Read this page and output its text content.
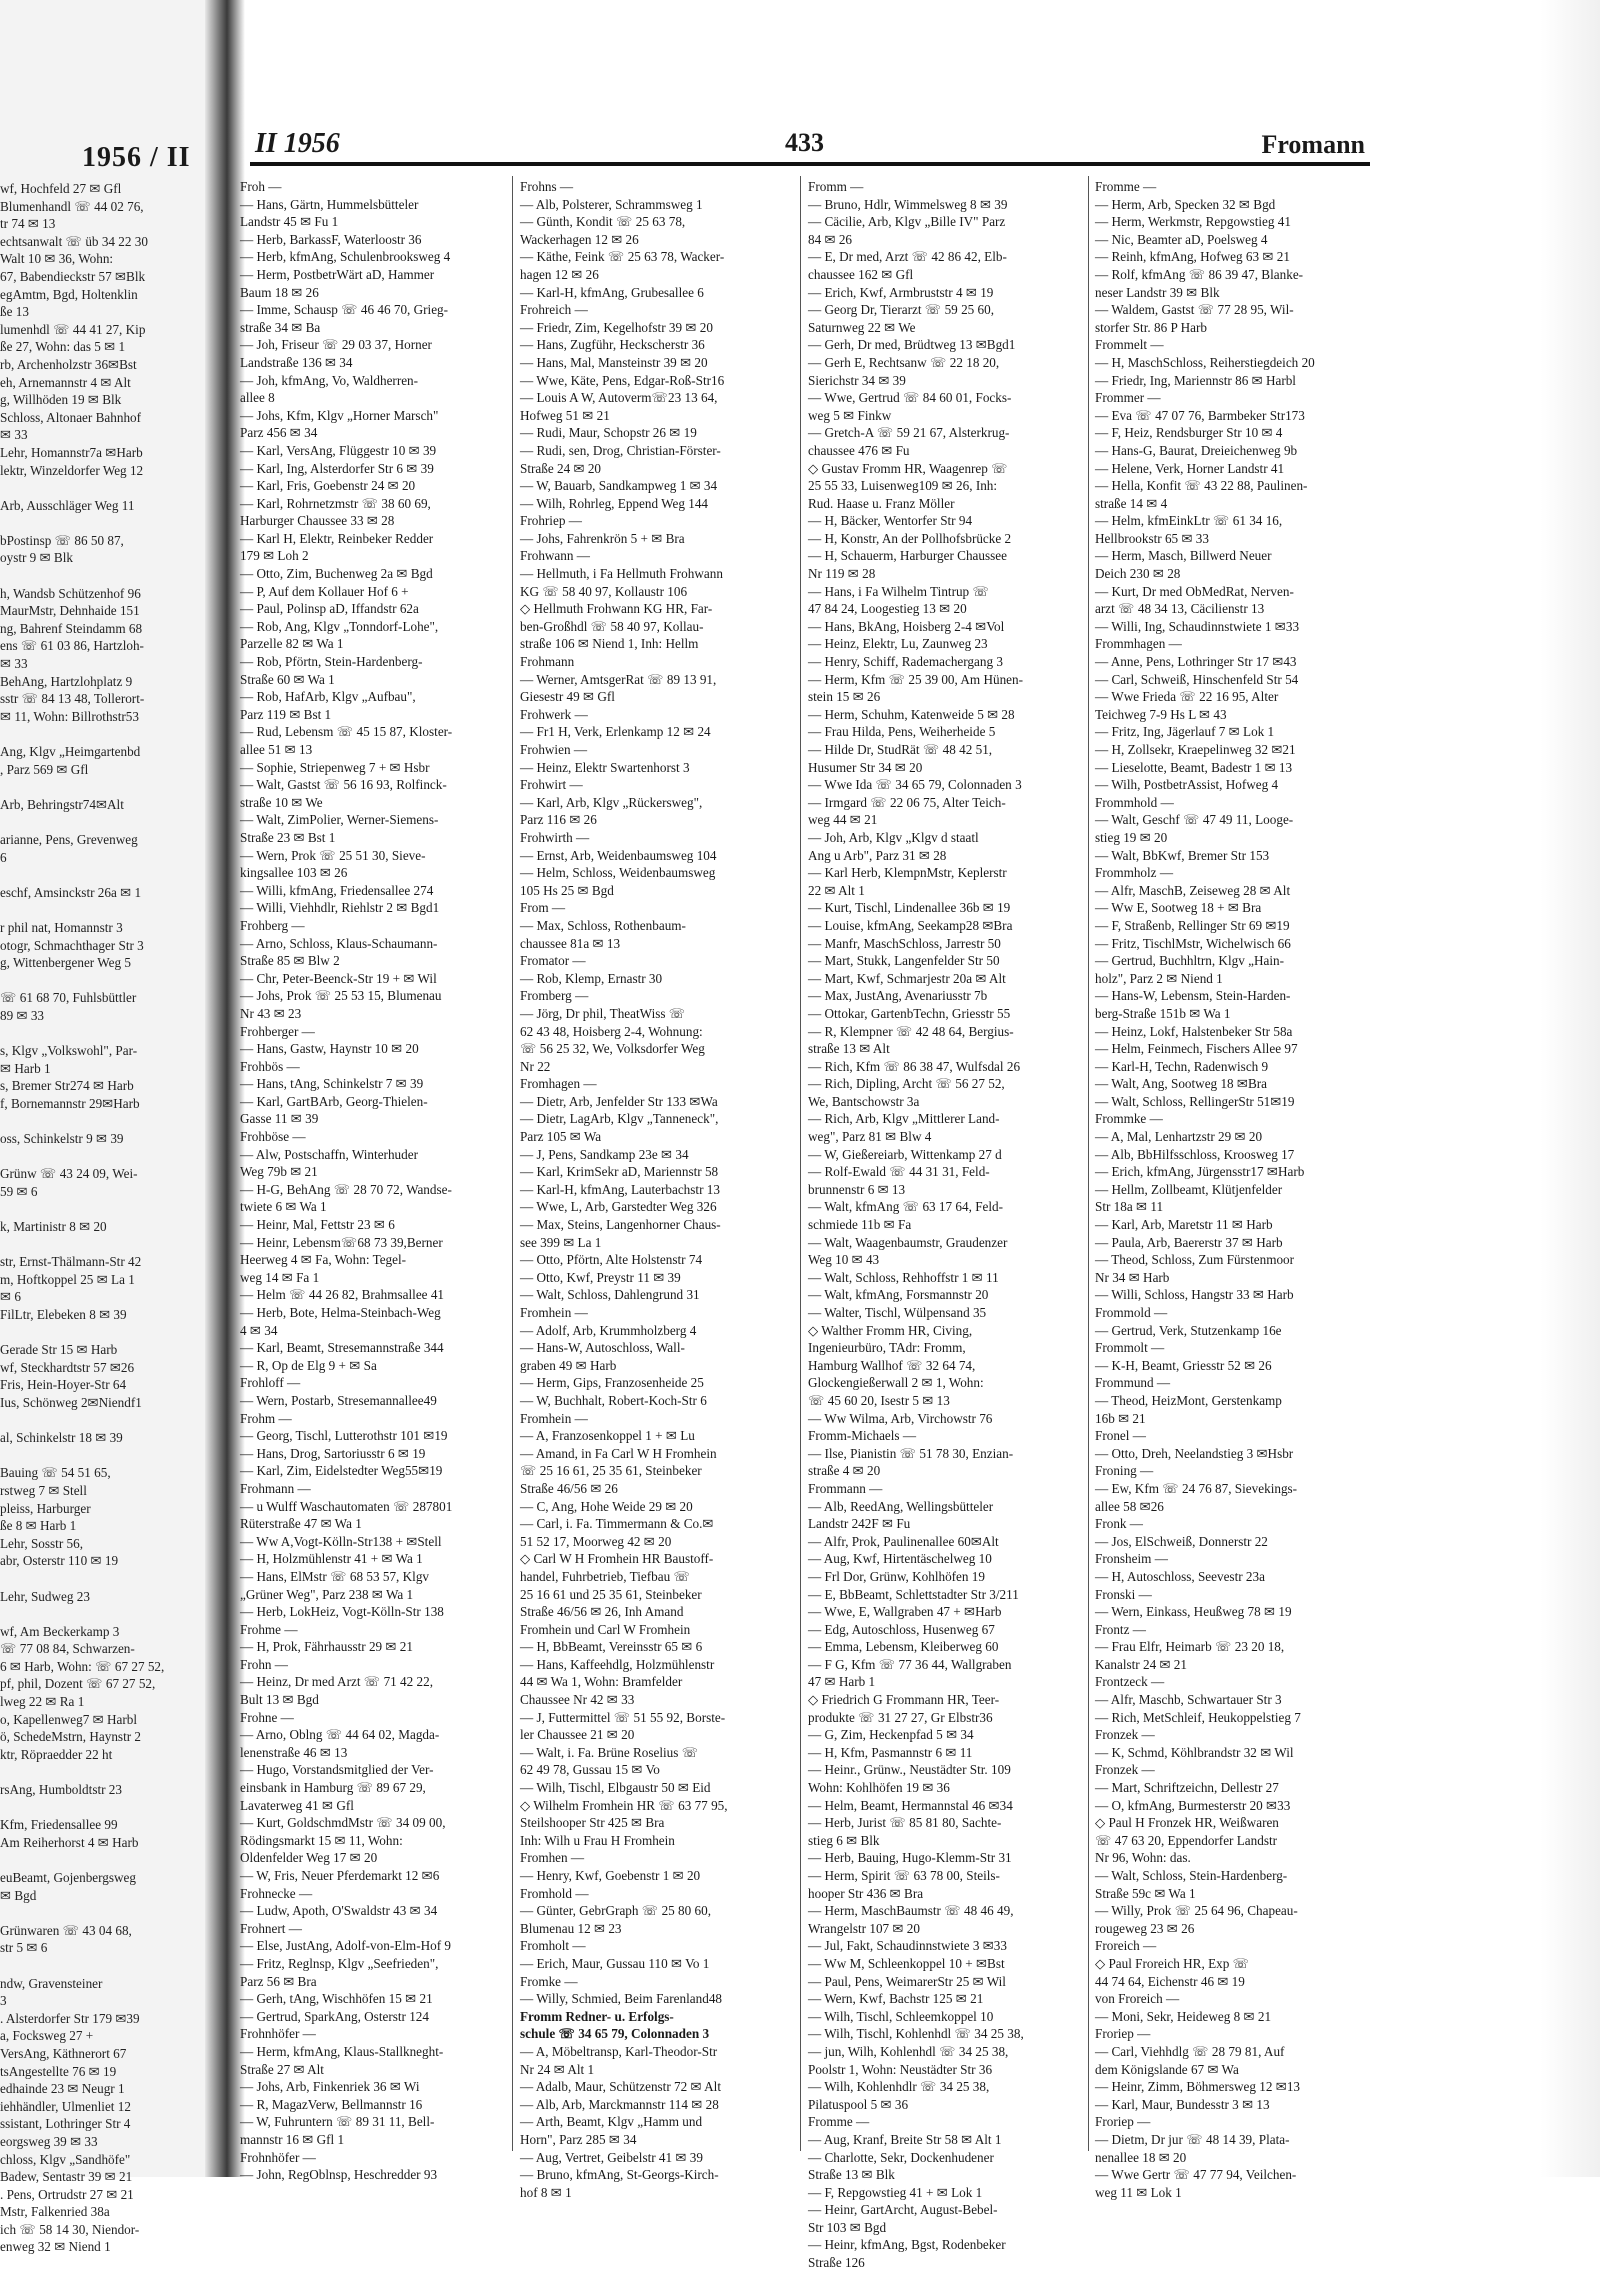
1956 / II
wf, Hochfeld 27 ✉ Gfl
Blumenhandl ☏ 44 02 76,
tr 74 ✉ 13
echtsanwalt ☏ üb 34 22 30
Walt 10 ✉ 36, Wohn:
67, Babendieckstr 57 ✉Blk
egAmtm, Bgd, Holtenklin
ße 13
lumenhdl ☏ 44 41 27, Kip
ße 27, Wohn: das 5 ✉ 1
rb, Archenholzstr 36✉Bst
eh, Arnemannstr 4 ✉ Alt
g, Willhöden 19 ✉ Blk
Schloss, Altonaer Bahnhof
✉ 33
Lehr, Homannstr7a ✉Harb
lektr, Winzeldorfer Weg 12

Arb, Ausschläger Weg 11

bPostinsp ☏ 86 50 87,
oystr 9 ✉ Blk

h, Wandsb Schützenhof 96
MaurMstr, Dehnhaide 151
ng, Bahrenf Steindamm 68
ens ☏ 61 03 86, Hartzloh-
✉ 33
BehAng, Hartzlohplatz 9
sstr ☏ 84 13 48, Tollerort-
✉ 11, Wohn: Billrothstr53

Ang, Klgv „Heimgartenbd
, Parz 569 ✉ Gfl

Arb, Behringstr74✉Alt

arianne, Pens, Grevenweg
6

eschf, Amsinckstr 26a ✉ 1

r phil nat, Homannstr 3
otogr, Schmachthager Str 3
g, Wittenbergener Weg 5

☏ 61 68 70, Fuhlsbüttler
89 ✉ 33

s, Klgv „Volkswohl", Par-
✉ Harb 1
s, Bremer Str274 ✉ Harb
f, Bornemannstr 29✉Harb

oss, Schinkelstr 9 ✉ 39

Grünw ☏ 43 24 09, Wei-
59 ✉ 6

k, Martinistr 8 ✉ 20

str, Ernst-Thälmann-Str 42
m, Hoftkoppel 25 ✉ La 1
✉ 6
FilLtr, Elebeken 8 ✉ 39

Gerade Str 15 ✉ Harb
wf, Steckhardtstr 57 ✉26
Fris, Hein-Hoyer-Str 64
Ius, Schönweg 2✉Niendf1

al, Schinkelstr 18 ✉ 39

Bauing ☏ 54 51 65,
rstweg 7 ✉ Stell
pleiss, Harburger
ße 8 ✉ Harb 1
Lehr, Sosstr 56,
abr, Osterstr 110 ✉ 19

Lehr, Sudweg 23

wf, Am Beckerkamp 3
☏ 77 08 84, Schwarzen-
6 ✉ Harb, Wohn: ☏ 67 27 52,
pf, phil, Dozent ☏ 67 27 52,
lweg 22 ✉ Ra 1
o, Kapellenweg7 ✉ Harbl
ö, SchedeMstrn, Haynstr 2
ktr, Röpraedder 22 ht

rsAng, Humboldtstr 23

Kfm, Friedensallee 99
Am Reiherhorst 4 ✉ Harb

euBeamt, Gojenbergsweg
✉ Bgd

Grünwaren ☏ 43 04 68,
str 5 ✉ 6

ndw, Gravensteiner
3
. Alsterdorfer Str 179 ✉39
a, Focksweg 27 +
VersAng, Käthnerort 67
tsAngestellte 76 ✉ 19
edhainde 23 ✉ Neugr 1
iehhändler, Ulmenliet 12
ssistant, Lothringer Str 4
eorgsweg 39 ✉ 33
chloss, Klgv „Sandhöfe"
Badew, Sentastr 39 ✉ 21
. Pens, Ortrudstr 27 ✉ 21
Mstr, Falkenried 38a
ich ☏ 58 14 30, Niendor-
enweg 32 ✉ Niend 1
II 1956	433	Fromann
Froh —
— Hans, Gärtn, Hummelsbütteler
Landstr 45 ✉ Fu 1
— Herb, BarkassF, Waterloostr 36
— Herb, kfmAng, Schulenbrooksweg 4
— Herm, PostbetrWärt aD, Hammer
Baum 18 ✉ 26
— Imme, Schausp ☏ 46 46 70, Grieg-
straße 34 ✉ Ba
— Joh, Friseur ☏ 29 03 37, Horner
Landstraße 136 ✉ 34
— Joh, kfmAng, Vo, Waldherren-
allee 8
— Johs, Kfm, Klgv „Horner Marsch"
Parz 456 ✉ 34
— Karl, VersAng, Flüggestr 10 ✉ 39
— Karl, Ing, Alsterdorfer Str 6 ✉ 39
— Karl, Fris, Goebenstr 24 ✉ 20
— Karl, Rohrnetzmstr ☏ 38 60 69,
Harburger Chaussee 33 ✉ 28
— Karl H, Elektr, Reinbeker Redder
179 ✉ Loh 2
— Otto, Zim, Buchenweg 2a ✉ Bgd
— P, Auf dem Kollauer Hof 6 +
— Paul, Polinsp aD, Iffandstr 62a
— Rob, Ang, Klgv „Tonndorf-Lohe",
Parzelle 82 ✉ Wa 1
— Rob, Pförtn, Stein-Hardenberg-
Straße 60 ✉ Wa 1
— Rob, HafArb, Klgv „Aufbau",
Parz 119 ✉ Bst 1
— Rud, Lebensm ☏ 45 15 87, Kloster-
allee 51 ✉ 13
— Sophie, Striepenweg 7 + ✉ Hsbr
— Walt, Gastst ☏ 56 16 93, Rolfinck-
straße 10 ✉ We
— Walt, ZimPolier, Werner-Siemens-
Straße 23 ✉ Bst 1
— Wern, Prok ☏ 25 51 30, Sieve-
kingsallee 103 ✉ 26
— Willi, kfmAng, Friedensallee 274
— Willi, Viehhdlr, Riehlstr 2 ✉ Bgd1
Frohberg —
— Arno, Schloss, Klaus-Schaumann-
Straße 85 ✉ Blw 2
— Chr, Peter-Beenck-Str 19 + ✉ Wil
— Johs, Prok ☏ 25 53 15, Blumenau
Nr 43 ✉ 23
Frohberger —
— Hans, Gastw, Haynstr 10 ✉ 20
Frohbös —
— Hans, tAng, Schinkelstr 7 ✉ 39
— Karl, GartBArb, Georg-Thielen-
Gasse 11 ✉ 39
Frohböse —
— Alw, Postschaffn, Winterhuder
Weg 79b ✉ 21
— H-G, BehAng ☏ 28 70 72, Wandse-
twiete 6 ✉ Wa 1
— Heinr, Mal, Fettstr 23 ✉ 6
— Heinr, Lebensm☏68 73 39,Berner
Heerweg 4 ✉ Fa, Wohn: Tegel-
weg 14 ✉ Fa 1
— Helm ☏ 44 26 82, Brahmsallee 41
— Herb, Bote, Helma-Steinbach-Weg
4 ✉ 34
— Karl, Beamt, Stresemannstraße 344
— R, Op de Elg 9 + ✉ Sa
Frohloff —
— Wern, Postarb, Stresemannallee49
Frohm —
— Georg, Tischl, Lutterothstr 101 ✉19
— Hans, Drog, Sartoriusstr 6 ✉ 19
— Karl, Zim, Eidelstedter Weg55✉19
Frohmann —
— u Wulff Waschautomaten ☏ 287801
Rüterstraße 47 ✉ Wa 1
— Ww A,Vogt-Kölln-Str138 + ✉Stell
— H, Holzmühlenstr 41 + ✉ Wa 1
— Hans, ElMstr ☏ 68 53 57, Klgv
„Grüner Weg", Parz 238 ✉ Wa 1
— Herb, LokHeiz, Vogt-Kölln-Str 138
Frohme —
— H, Prok, Fährhausstr 29 ✉ 21
Frohn —
— Heinz, Dr med Arzt ☏ 71 42 22,
Bult 13 ✉ Bgd
Frohne —
— Arno, Oblng ☏ 44 64 02, Magda-
lenenstraße 46 ✉ 13
— Hugo, Vorstandsmitglied der Ver-
einsbank in Hamburg ☏ 89 67 29,
Lavaterweg 41 ✉ Gfl
— Kurt, GoldschmdMstr ☏ 34 09 00,
Rödingsmarkt 15 ✉ 11, Wohn:
Oldenfelder Weg 17 ✉ 20
— W, Fris, Neuer Pferdemarkt 12 ✉6
Frohnecke —
— Ludw, Apoth, O'Swaldstr 43 ✉ 34
Frohnert —
— Else, JustAng, Adolf-von-Elm-Hof 9
— Fritz, Reglnsp, Klgv „Seefrieden",
Parz 56 ✉ Bra
— Gerh, tAng, Wischhöfen 15 ✉ 21
— Gertrud, SparkAng, Osterstr 124
Frohnhöfer —
— Herm, kfmAng, Klaus-Stallkneght-
Straße 27 ✉ Alt
— Johs, Arb, Finkenriek 36 ✉ Wi
— R, MagazVerw, Bellmannstr 16
— W, Fuhruntern ☏ 89 31 11, Bell-
mannstr 16 ✉ Gfl 1
Frohnhöfer —
— John, RegOblnsp, Heschredder 93
Frohns —
— Alb, Polsterer, Schrammsweg 1
— Günth, Kondit ☏ 25 63 78,
Wackerhagen 12 ✉ 26
— Käthe, Feink ☏ 25 63 78, Wacker-
hagen 12 ✉ 26
— Karl-H, kfmAng, Grubesallee 6
Frohreich —
— Friedr, Zim, Kegelhofstr 39 ✉ 20
— Hans, Zugführ, Heckscherstr 36
— Hans, Mal, Mansteinstr 39 ✉ 20
— Wwe, Käte, Pens, Edgar-Roß-Str16
— Louis A W, Autoverm☏23 13 64,
Hofweg 51 ✉ 21
— Rudi, Maur, Schopstr 26 ✉ 19
— Rudi, sen, Drog, Christian-Förster-
Straße 24 ✉ 20
— W, Bauarb, Sandkampweg 1 ✉ 34
— Wilh, Rohrleg, Eppend Weg 144
Frohriep —
— Johs, Fahrenkrön 5 + ✉ Bra
Frohwann —
— Hellmuth, i Fa Hellmuth Frohwann
KG ☏ 58 40 97, Kollaustr 106
◇ Hellmuth Frohwann KG HR, Far-
ben-Großhdl ☏ 58 40 97, Kollau-
straße 106 ✉ Niend 1, Inh: Hellm
Frohmann
— Werner, AmtsgerRat ☏ 89 13 91,
Giesestr 49 ✉ Gfl
Frohwerk —
— Fr1 H, Verk, Erlenkamp 12 ✉ 24
Frohwien —
— Heinz, Elektr Swartenhorst 3
Frohwirt —
— Karl, Arb, Klgv „Rückersweg",
Parz 116 ✉ 26
Frohwirth —
— Ernst, Arb, Weidenbaumsweg 104
— Helm, Schloss, Weidenbaumsweg
105 Hs 25 ✉ Bgd
From —
— Max, Schloss, Rothenbaum-
chaussee 81a ✉ 13
Fromator —
— Rob, Klemp, Ernastr 30
Fromberg —
— Jörg, Dr phil, TheatWiss ☏
62 43 48, Hoisberg 2-4, Wohnung:
☏ 56 25 32, We, Volksdorfer Weg
Nr 22
Fromhagen —
— Dietr, Arb, Jenfelder Str 133 ✉Wa
— Dietr, LagArb, Klgv „Tanneneck",
Parz 105 ✉ Wa
— J, Pens, Sandkamp 23e ✉ 34
— Karl, KrimSekr aD, Mariennstr 58
— Karl-H, kfmAng, Lauterbachstr 13
— Wwe, L, Arb, Garstedter Weg 326
— Max, Steins, Langenhorner Chaus-
see 399 ✉ La 1
— Otto, Pförtn, Alte Holstenstr 74
— Otto, Kwf, Preystr 11 ✉ 39
— Walt, Schloss, Dahlengrund 31
Fromhein —
— Adolf, Arb, Krummholzberg 4
— Hans-W, Autoschloss, Wall-
graben 49 ✉ Harb
— Herm, Gips, Franzosenheide 25
— W, Buchhalt, Robert-Koch-Str 6
Fromhein —
— A, Franzosenkoppel 1 + ✉ Lu
— Amand, in Fa Carl W H Fromhein
☏ 25 16 61, 25 35 61, Steinbeker
Straße 46/56 ✉ 26
— C, Ang, Hohe Weide 29 ✉ 20
— Carl, i. Fa. Timmermann & Co.✉
51 52 17, Moorweg 42 ✉ 20
◇ Carl W H Fromhein HR Baustoff-
handel, Fuhrbetrieb, Tiefbau ☏
25 16 61 und 25 35 61, Steinbeker
Straße 46/56 ✉ 26, Inh Amand
Fromhein und Carl W Fromhein
— H, BbBeamt, Vereinsstr 65 ✉ 6
— Hans, Kaffeehdlg, Holzmühlenstr
44 ✉ Wa 1, Wohn: Bramfelder
Chaussee Nr 42 ✉ 33
— J, Futtermittel ☏ 51 55 92, Borste-
ler Chaussee 21 ✉ 20
— Walt, i. Fa. Brüne Roselius ☏
62 49 78, Gussau 15 ✉ Vo
— Wilh, Tischl, Elbgaustr 50 ✉ Eid
◇ Wilhelm Fromhein HR ☏ 63 77 95,
Steilshooper Str 425 ✉ Bra
Inh: Wilh u Frau H Fromhein
Fromhen —
— Henry, Kwf, Goebenstr 1 ✉ 20
Fromhold —
— Günter, GebrGraph ☏ 25 80 60,
Blumenau 12 ✉ 23
Fromholt —
— Erich, Maur, Gussau 110 ✉ Vo 1
Fromke —
— Willy, Schmied, Beim Farenland48
Fromm Redner- u. Erfolgs-
schule ☏ 34 65 79, Colonnaden 3
— A, Möbeltransp, Karl-Theodor-Str
Nr 24 ✉ Alt 1
— Adalb, Maur, Schützenstr 72 ✉ Alt
— Alb, Arb, Marckmannstr 114 ✉ 28
— Arth, Beamt, Klgv „Hamm und
Horn", Parz 285 ✉ 34
— Aug, Vertret, Geibelstr 41 ✉ 39
— Bruno, kfmAng, St-Georgs-Kirch-
hof 8 ✉ 1
Fromm —
— Bruno, Hdlr, Wimmelsweg 8 ✉ 39
— Cäcilie, Arb, Klgv „Bille IV" Parz
84 ✉ 26
— E, Dr med, Arzt ☏ 42 86 42, Elb-
chaussee 162 ✉ Gfl
— Erich, Kwf, Armbruststr 4 ✉ 19
— Georg Dr, Tierarzt ☏ 59 25 60,
Saturnweg 22 ✉ We
— Gerh, Dr med, Brüdtweg 13 ✉Bgd1
— Gerh E, Rechtsanw ☏ 22 18 20,
Sierichstr 34 ✉ 39
— Wwe, Gertrud ☏ 84 60 01, Focks-
weg 5 ✉ Finkw
— Gretch-A ☏ 59 21 67, Alsterkrug-
chaussee 476 ✉ Fu
◇ Gustav Fromm HR, Waagenrep ☏
25 55 33, Luisenweg109 ✉ 26, Inh:
Rud. Haase u. Franz Möller
— H, Bäcker, Wentorfer Str 94
— H, Konstr, An der Pollhofsbrücke 2
— H, Schauerm, Harburger Chaussee
Nr 119 ✉ 28
— Hans, i Fa Wilhelm Tintrup ☏
47 84 24, Loogestieg 13 ✉ 20
— Hans, BkAng, Hoisberg 2-4 ✉Vol
— Heinz, Elektr, Lu, Zaunweg 23
— Henry, Schiff, Rademachergang 3
— Herm, Kfm ☏ 25 39 00, Am Hünen-
stein 15 ✉ 26
— Herm, Schuhm, Katenweide 5 ✉ 28
— Frau Hilda, Pens, Weiherheide 5
— Hilde Dr, StudRät ☏ 48 42 51,
Husumer Str 34 ✉ 20
— Wwe Ida ☏ 34 65 79, Colonnaden 3
— Irmgard ☏ 22 06 75, Alter Teich-
weg 44 ✉ 21
— Joh, Arb, Klgv „Klgv d staatl
Ang u Arb", Parz 31 ✉ 28
— Karl Herb, KlempnMstr, Keplerstr
22 ✉ Alt 1
— Kurt, Tischl, Lindenallee 36b ✉ 19
— Louise, kfmAng, Seekamp28 ✉Bra
— Manfr, MaschSchloss, Jarrestr 50
— Mart, Stukk, Langenfelder Str 50
— Mart, Kwf, Schmarjestr 20a ✉ Alt
— Max, JustAng, Avenariusstr 7b
— Ottokar, GartenbTechn, Griesstr 55
— R, Klempner ☏ 42 48 64, Bergius-
straße 13 ✉ Alt
— Rich, Kfm ☏ 86 38 47, Wulfsdal 26
— Rich, Dipling, Archt ☏ 56 27 52,
We, Bantschowstr 3a
— Rich, Arb, Klgv „Mittlerer Land-
weg", Parz 81 ✉ Blw 4
— W, Gießereiarb, Wittenkamp 27 d
— Rolf-Ewald ☏ 44 31 31, Feld-
brunnenstr 6 ✉ 13
— Walt, kfmAng ☏ 63 17 64, Feld-
schmiede 11b ✉ Fa
— Walt, Waagenbaumstr, Graudenzer
Weg 10 ✉ 43
— Walt, Schloss, Rehhoffstr 1 ✉ 11
— Walt, kfmAng, Forsmannstr 20
— Walter, Tischl, Wülpensand 35
◇ Walther Fromm HR, Civing,
Ingenieurbüro, TAdr: Fromm,
Hamburg Wallhof ☏ 32 64 74,
Glockengießerwall 2 ✉ 1, Wohn:
☏ 45 60 20, Isestr 5 ✉ 13
— Ww Wilma, Arb, Virchowstr 76
Fromm-Michaels —
— Ilse, Pianistin ☏ 51 78 30, Enzian-
straße 4 ✉ 20
Frommann —
— Alb, ReedAng, Wellingsbütteler
Landstr 242F ✉ Fu
— Alfr, Prok, Paulinenallee 60✉Alt
— Aug, Kwf, Hirtentäschelweg 10
— Frl Dor, Grünw, Kohlhöfen 19
— E, BbBeamt, Schlettstadter Str 3/211
— Wwe, E, Wallgraben 47 + ✉Harb
— Edg, Autoschloss, Husenweg 67
— Emma, Lebensm, Kleiberweg 60
— F G, Kfm ☏ 77 36 44, Wallgraben
47 ✉ Harb 1
◇ Friedrich G Frommann HR, Teer-
produkte ☏ 31 27 27, Gr Elbstr36
— G, Zim, Heckenpfad 5 ✉ 34
— H, Kfm, Pasmannstr 6 ✉ 11
— Heinr., Grünw., Neustädter Str. 109
Wohn: Kohlhöfen 19 ✉ 36
— Helm, Beamt, Hermannstal 46 ✉34
— Herb, Jurist ☏ 85 81 80, Sachte-
stieg 6 ✉ Blk
— Herb, Bauing, Hugo-Klemm-Str 31
— Herm, Spirit ☏ 63 78 00, Steils-
hooper Str 436 ✉ Bra
— Herm, MaschBaumstr ☏ 48 46 49,
Wrangelstr 107 ✉ 20
— Jul, Fakt, Schaudinnstwiete 3 ✉33
— Ww M, Schleenkoppel 10 + ✉Bst
— Paul, Pens, WeimarerStr 25 ✉ Wil
— Wern, Kwf, Bachstr 125 ✉ 21
— Wilh, Tischl, Schleemkoppel 10
— Wilh, Tischl, Kohlenhdl ☏ 34 25 38,
— jun, Wilh, Kohlenhdl ☏ 34 25 38,
Poolstr 1, Wohn: Neustädter Str 36
— Wilh, Kohlenhdlr ☏ 34 25 38,
Pilatuspool 5 ✉ 36
Fromme —
— Aug, Kranf, Breite Str 58 ✉ Alt 1
— Charlotte, Sekr, Dockenhudener
Straße 13 ✉ Blk
— F, Repgowstieg 41 + ✉ Lok 1
— Heinr, GartArcht, August-Bebel-
Str 103 ✉ Bgd
— Heinr, kfmAng, Bgst, Rodenbeker
Straße 126
Fromme —
— Herm, Arb, Specken 32 ✉ Bgd
— Herm, Werkmstr, Repgowstieg 41
— Nic, Beamter aD, Poelsweg 4
— Reinh, kfmAng, Hofweg 63 ✉ 21
— Rolf, kfmAng ☏ 86 39 47, Blanke-
neser Landstr 39 ✉ Blk
— Waldem, Gastst ☏ 77 28 95, Wil-
storfer Str. 86 P Harb
Frommelt —
— H, MaschSchloss, Reiherstiegdeich 20
— Friedr, Ing, Mariennstr 86 ✉ Harbl
Frommer —
— Eva ☏ 47 07 76, Barmbeker Str173
— F, Heiz, Rendsburger Str 10 ✉ 4
— Hans-G, Baurat, Dreieichenweg 9b
— Helene, Verk, Horner Landstr 41
— Hella, Konfit ☏ 43 22 88, Paulinen-
straße 14 ✉ 4
— Helm, kfmEinkLtr ☏ 61 34 16,
Hellbrookstr 65 ✉ 33
— Herm, Masch, Billwerd Neuer
Deich 230 ✉ 28
— Kurt, Dr med ObMedRat, Nerven-
arzt ☏ 48 34 13, Cäcilienstr 13
— Willi, Ing, Schaudinnstwiete 1 ✉33
Frommhagen —
— Anne, Pens, Lothringer Str 17 ✉43
— Carl, Schweiß, Hinschenfeld Str 54
— Wwe Frieda ☏ 22 16 95, Alter
Teichweg 7-9 Hs L ✉ 43
— Fritz, Ing, Jägerlauf 7 ✉ Lok 1
— H, Zollsekr, Kraepelinweg 32 ✉21
— Lieselotte, Beamt, Badestr 1 ✉ 13
— Wilh, PostbetrAssist, Hofweg 4
Frommhold —
— Walt, Geschf ☏ 47 49 11, Looge-
stieg 19 ✉ 20
— Walt, BbKwf, Bremer Str 153
Frommholz —
— Alfr, MaschB, Zeiseweg 28 ✉ Alt
— Ww E, Sootweg 18 + ✉ Bra
— F, Straßenb, Rellinger Str 69 ✉19
— Fritz, TischlMstr, Wichelwisch 66
— Gertrud, Buchhltrn, Klgv „Hain-
holz", Parz 2 ✉ Niend 1
— Hans-W, Lebensm, Stein-Harden-
berg-Straße 151b ✉ Wa 1
— Heinz, Lokf, Halstenbeker Str 58a
— Helm, Feinmech, Fischers Allee 97
— Karl-H, Techn, Radenwisch 9
— Walt, Ang, Sootweg 18 ✉Bra
— Walt, Schloss, RellingerStr 51✉19
Frommke —
— A, Mal, Lenhartzstr 29 ✉ 20
— Alb, BbHilfsschloss, Kroosweg 17
— Erich, kfmAng, Jürgensstr17 ✉Harb
— Hellm, Zollbeamt, Klütjenfelder
Str 18a ✉ 11
— Karl, Arb, Maretstr 11 ✉ Harb
— Paula, Arb, Baererstr 37 ✉ Harb
— Theod, Schloss, Zum Fürstenmoor
Nr 34 ✉ Harb
— Willi, Schloss, Hangstr 33 ✉ Harb
Frommold —
— Gertrud, Verk, Stutzenkamp 16e
Frommolt —
— K-H, Beamt, Griesstr 52 ✉ 26
Frommund —
— Theod, HeizMont, Gerstenkamp
16b ✉ 21
Fronel —
— Otto, Dreh, Neelandstieg 3 ✉Hsbr
Froning —
— Ew, Kfm ☏ 24 76 87, Sievekings-
allee 58 ✉26
Fronk —
— Jos, ElSchweiß, Donnerstr 22
Fronsheim —
— H, Autoschloss, Seevestr 23a
Fronski —
— Wern, Einkass, Heußweg 78 ✉ 19
Frontz —
— Frau Elfr, Heimarb ☏ 23 20 18,
Kanalstr 24 ✉ 21
Frontzeck —
— Alfr, Maschb, Schwartauer Str 3
— Rich, MetSchleif, Heukoppelstieg 7
Fronzek —
— K, Schmd, Köhlbrandstr 32 ✉ Wil
Fronzek —
— Mart, Schriftzeichn, Dellestr 27
— O, kfmAng, Burmesterstr 20 ✉33
◇ Paul H Fronzek HR, Weißwaren
☏ 47 63 20, Eppendorfer Landstr
Nr 96, Wohn: das.
— Walt, Schloss, Stein-Hardenberg-
Straße 59c ✉ Wa 1
— Willy, Prok ☏ 25 64 96, Chapeau-
rougeweg 23 ✉ 26
Froreich —
◇ Paul Froreich HR, Exp ☏
44 74 64, Eichenstr 46 ✉ 19
von Froreich —
— Moni, Sekr, Heideweg 8 ✉ 21
Froriep —
— Carl, Viehhdlg ☏ 28 79 81, Auf
dem Königslande 67 ✉ Wa
— Heinr, Zimm, Böhmersweg 12 ✉13
— Karl, Maur, Bundesstr 3 ✉ 13
Froriep —
— Dietm, Dr jur ☏ 48 14 39, Plata-
nenallee 18 ✉ 20
— Wwe Gertr ☏ 47 77 94, Veilchen-
weg 11 ✉ Lok 1
